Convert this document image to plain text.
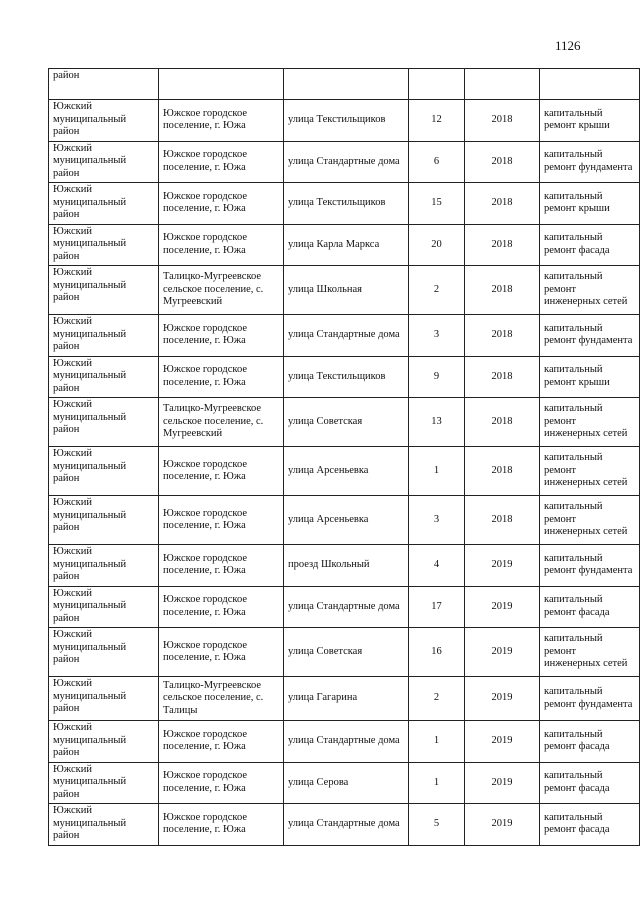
1126
район					
Южский муниципальный район	Южское городское поселение, г. Южа	улица Текстильщиков	12	2018	капитальный ремонт крыши
Южский муниципальный район	Южское городское поселение, г. Южа	улица Стандартные дома	6	2018	капитальный ремонт фундамента
Южский муниципальный район	Южское городское поселение, г. Южа	улица Текстильщиков	15	2018	капитальный ремонт крыши
Южский муниципальный район	Южское городское поселение, г. Южа	улица Карла Маркса	20	2018	капитальный ремонт фасада
Южский муниципальный район	Талицко-Мугреевское сельское поселение, с. Мугреевский	улица Школьная	2	2018	капитальный ремонт инженерных сетей
Южский муниципальный район	Южское городское поселение, г. Южа	улица Стандартные дома	3	2018	капитальный ремонт фундамента
Южский муниципальный район	Южское городское поселение, г. Южа	улица Текстильщиков	9	2018	капитальный ремонт крыши
Южский муниципальный район	Талицко-Мугреевское сельское поселение, с. Мугреевский	улица Советская	13	2018	капитальный ремонт инженерных сетей
Южский муниципальный район	Южское городское поселение, г. Южа	улица Арсеньевка	1	2018	капитальный ремонт инженерных сетей
Южский муниципальный район	Южское городское поселение, г. Южа	улица Арсеньевка	3	2018	капитальный ремонт инженерных сетей
Южский муниципальный район	Южское городское поселение, г. Южа	проезд Школьный	4	2019	капитальный ремонт фундамента
Южский муниципальный район	Южское городское поселение, г. Южа	улица Стандартные дома	17	2019	капитальный ремонт фасада
Южский муниципальный район	Южское городское поселение, г. Южа	улица Советская	16	2019	капитальный ремонт инженерных сетей
Южский муниципальный район	Талицко-Мугреевское сельское поселение, с. Талицы	улица Гагарина	2	2019	капитальный ремонт фундамента
Южский муниципальный район	Южское городское поселение, г. Южа	улица Стандартные дома	1	2019	капитальный ремонт фасада
Южский муниципальный район	Южское городское поселение, г. Южа	улица Серова	1	2019	капитальный ремонт фасада
Южский муниципальный район	Южское городское поселение, г. Южа	улица Стандартные дома	5	2019	капитальный ремонт фасада
